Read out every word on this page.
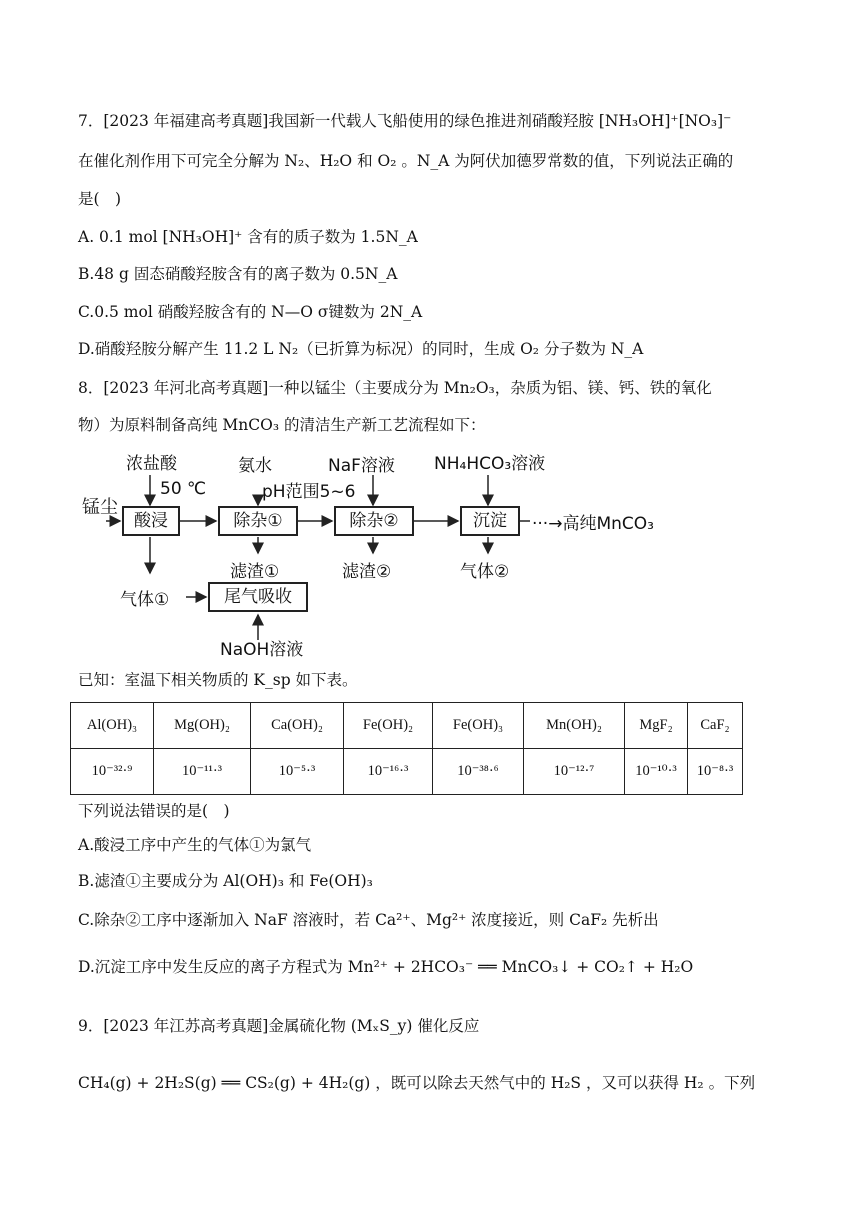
7．[2023 年福建高考真题]我国新一代载人飞船使用的绿色推进剂硝酸羟胺 [NH₃OH]⁺[NO₃]⁻
在催化剂作用下可完全分解为 N₂、H₂O 和 O₂ 。N_A 为阿伏加德罗常数的值，下列说法正确的
是(　)
A. 0.1 mol [NH₃OH]⁺ 含有的质子数为 1.5N_A
B.48 g 固态硝酸羟胺含有的离子数为 0.5N_A
C.0.5 mol 硝酸羟胺含有的 N—O σ键数为 2N_A
D.硝酸羟胺分解产生 11.2 L N₂（已折算为标况）的同时，生成 O₂ 分子数为 N_A
8．[2023 年河北高考真题]一种以锰尘（主要成分为 Mn₂O₃，杂质为铝、镁、钙、铁的氧化
物）为原料制备高纯 MnCO₃ 的清洁生产新工艺流程如下：
锰尘
浓盐酸
50 ℃
氨水
pH范围5~6
NaF溶液 NH₄HCO₃溶液
酸浸	除杂①	除杂②	沉淀	···→高纯MnCO₃
滤渣①	滤渣②	气体②
气体①	尾气吸收
NaOH溶液
已知：室温下相关物质的 K_sp 如下表。
Al(OH)₃	Mg(OH)₂	Ca(OH)₂	Fe(OH)₂	Fe(OH)₃	Mn(OH)₂	MgF₂	CaF₂
10⁻³²·⁹	10⁻¹¹·³	10⁻⁵·³	10⁻¹⁶·³	10⁻³⁸·⁶	10⁻¹²·⁷	10⁻¹⁰·³	10⁻⁸·³
下列说法错误的是(　)
A.酸浸工序中产生的气体①为氯气
B.滤渣①主要成分为 Al(OH)₃ 和 Fe(OH)₃
C.除杂②工序中逐渐加入 NaF 溶液时，若 Ca²⁺、Mg²⁺ 浓度接近，则 CaF₂ 先析出
D.沉淀工序中发生反应的离子方程式为 Mn²⁺ + 2HCO₃⁻ ══ MnCO₃↓ + CO₂↑ + H₂O
9．[2023 年江苏高考真题]金属硫化物 (MₓS_y) 催化反应
CH₄(g) + 2H₂S(g) ══ CS₂(g) + 4H₂(g) ，既可以除去天然气中的 H₂S ，又可以获得 H₂ 。下列
